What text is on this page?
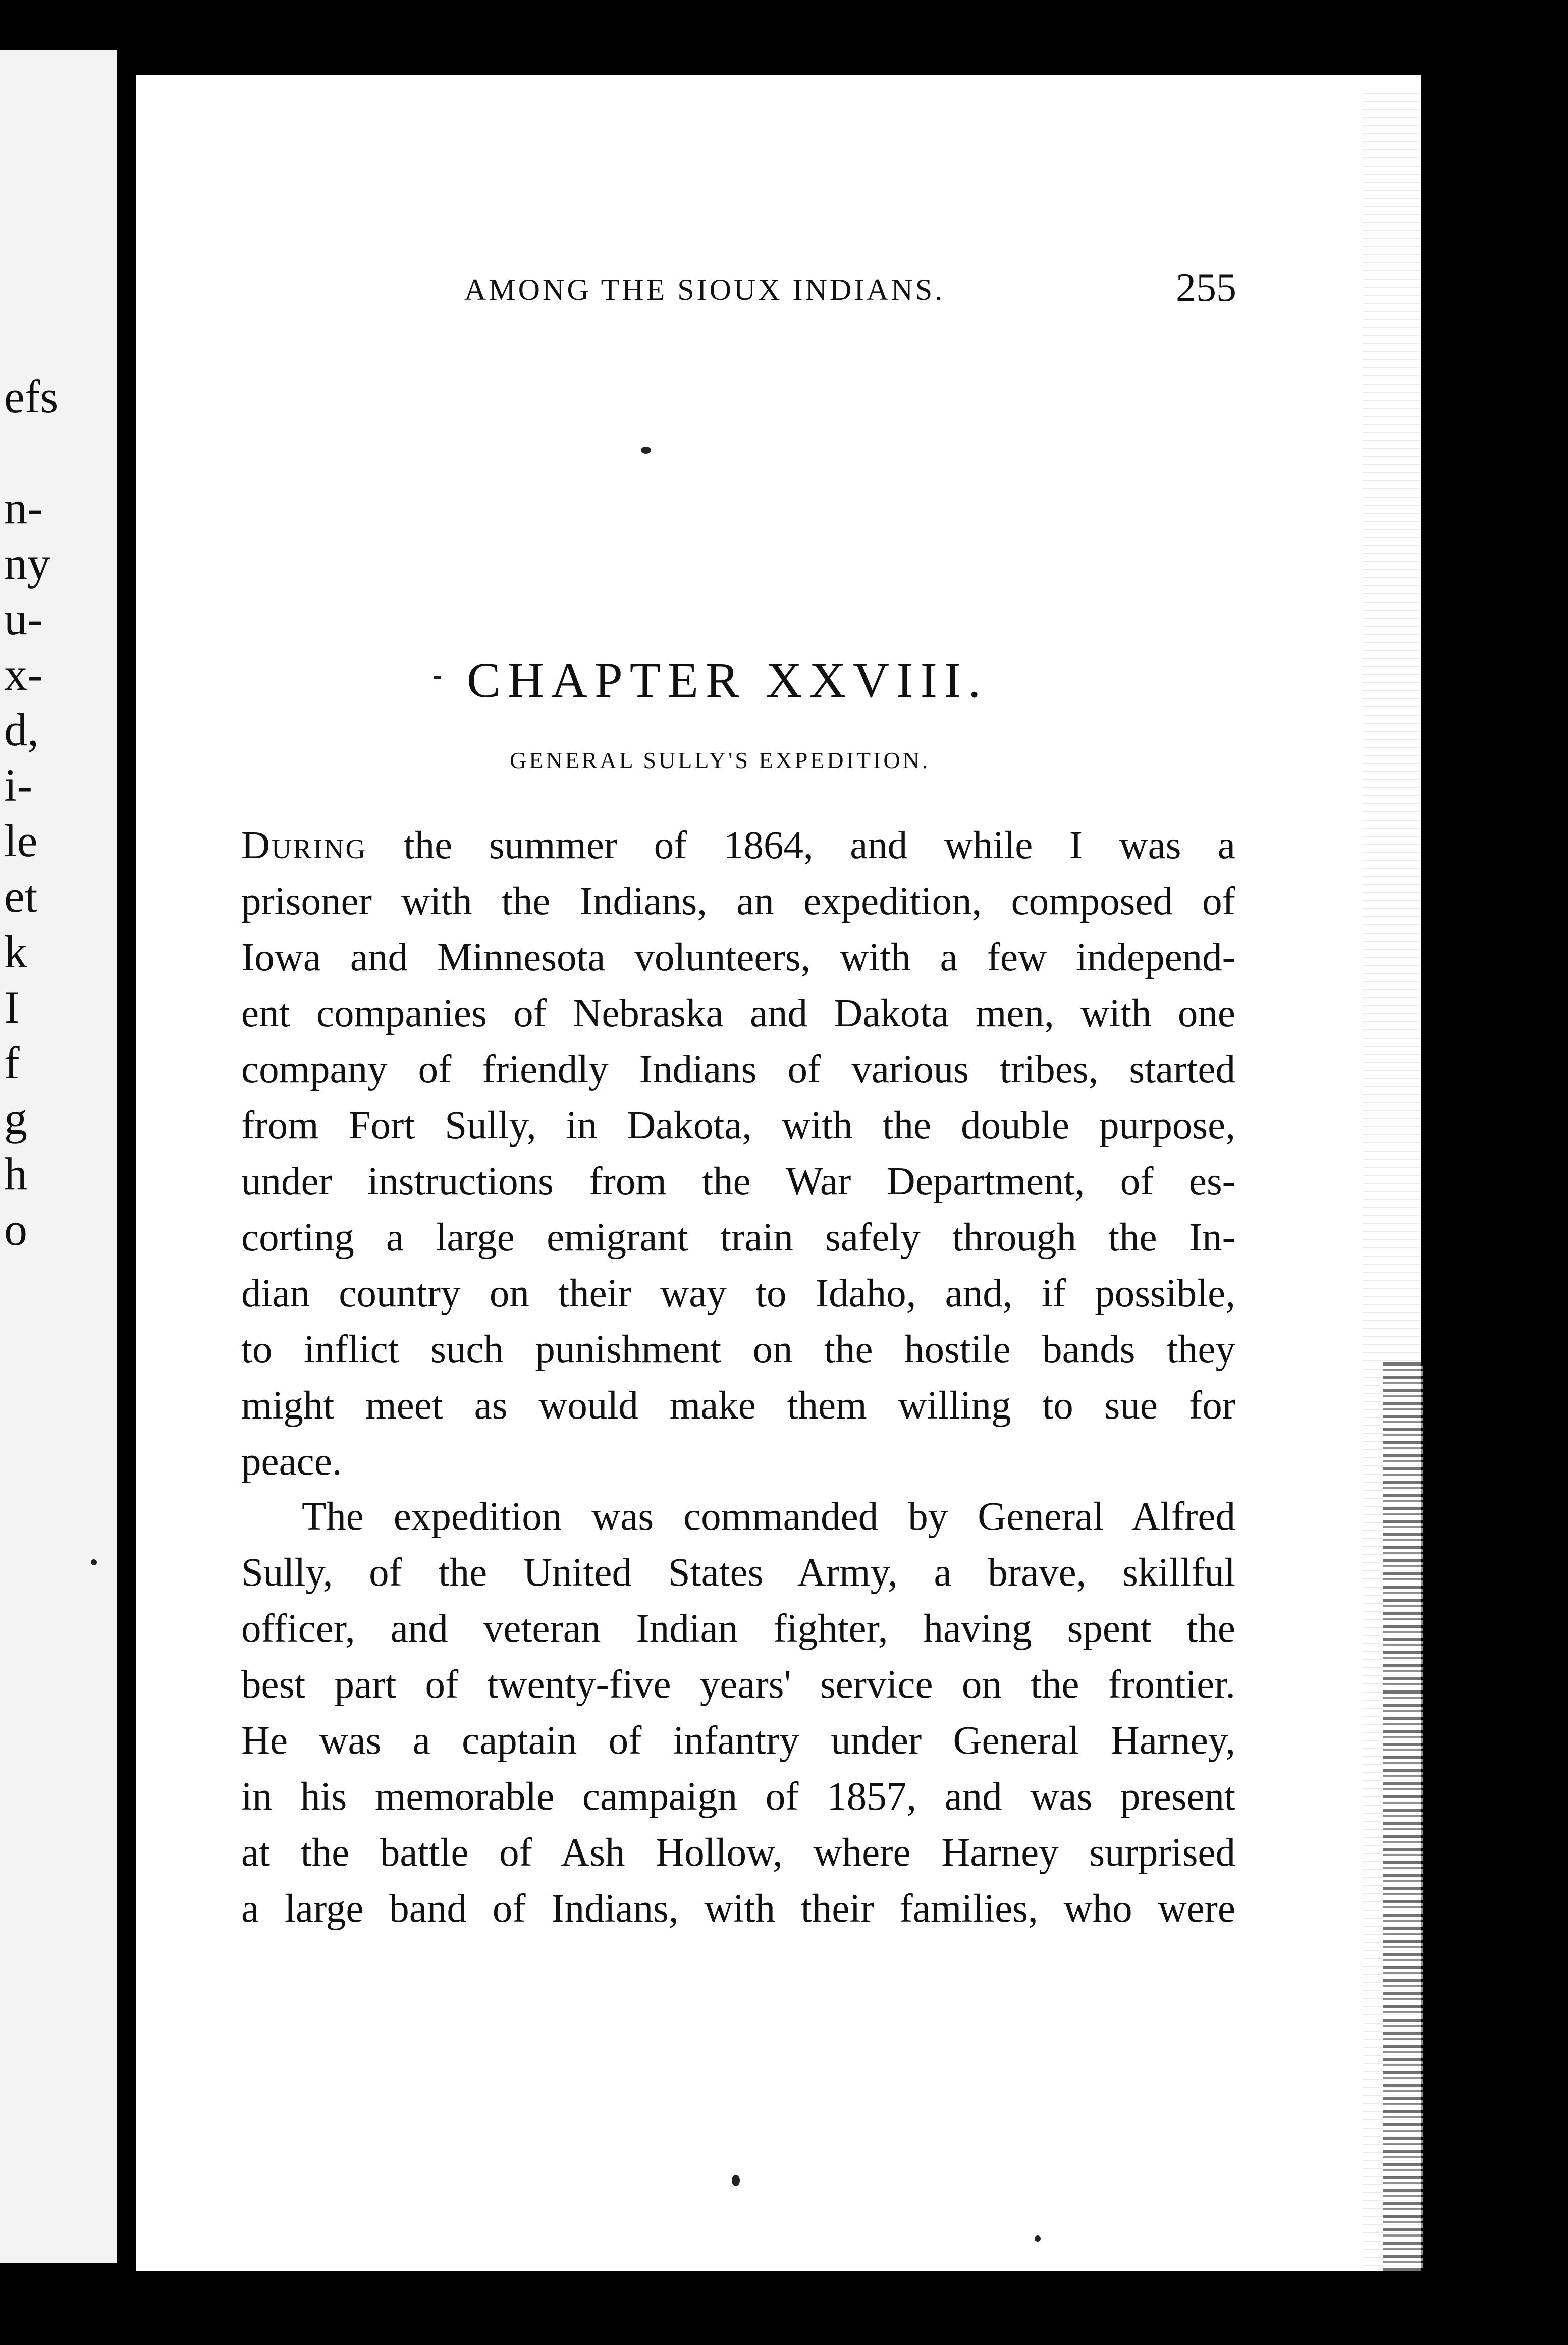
efs
n-
ny
u-
x-
d,
i-
le
et
k
I
f
g
h
o
AMONG THE SIOUX INDIANS.	255
CHAPTER XXVIII.
GENERAL SULLY'S EXPEDITION.
During the summer of 1864, and while I was a
prisoner with the Indians, an expedition, composed of
Iowa and Minnesota volunteers, with a few independ-
ent companies of Nebraska and Dakota men, with one
company of friendly Indians of various tribes, started
from Fort Sully, in Dakota, with the double purpose,
under instructions from the War Department, of es-
corting a large emigrant train safely through the In-
dian country on their way to Idaho, and, if possible,
to inflict such punishment on the hostile bands they
might meet as would make them willing to sue for
peace.
The expedition was commanded by General Alfred
Sully, of the United States Army, a brave, skillful
officer, and veteran Indian fighter, having spent the
best part of twenty-five years' service on the frontier.
He was a captain of infantry under General Harney,
in his memorable campaign of 1857, and was present
at the battle of Ash Hollow, where Harney surprised
a large band of Indians, with their families, who were
